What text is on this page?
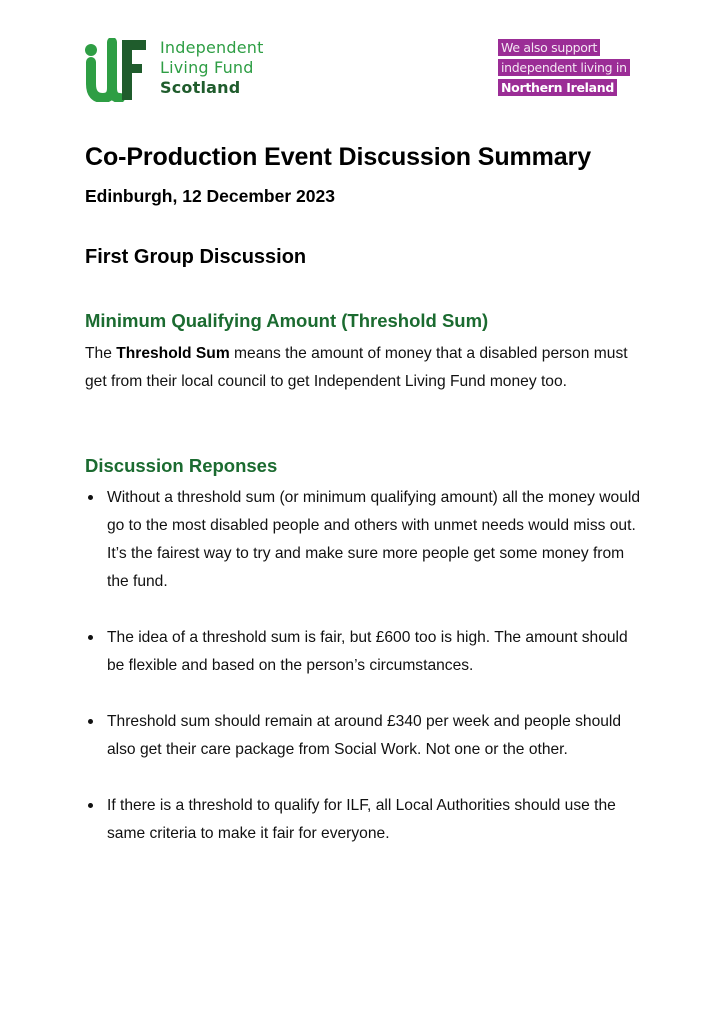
Independent
Living Fund
Scotland
We also support
independent living in
Northern Ireland
Co-Production Event Discussion Summary
Edinburgh, 12 December 2023
First Group Discussion
Minimum Qualifying Amount (Threshold Sum)
The Threshold Sum means the amount of money that a disabled person must get from their local council to get Independent Living Fund money too.
Discussion Reponses
Without a threshold sum (or minimum qualifying amount) all the money would go to the most disabled people and others with unmet needs would miss out. It’s the fairest way to try and make sure more people get some money from the fund.
The idea of a threshold sum is fair, but £600 too is high. The amount should be flexible and based on the person’s circumstances.
Threshold sum should remain at around £340 per week and people should also get their care package from Social Work. Not one or the other.
If there is a threshold to qualify for ILF, all Local Authorities should use the same criteria to make it fair for everyone.
